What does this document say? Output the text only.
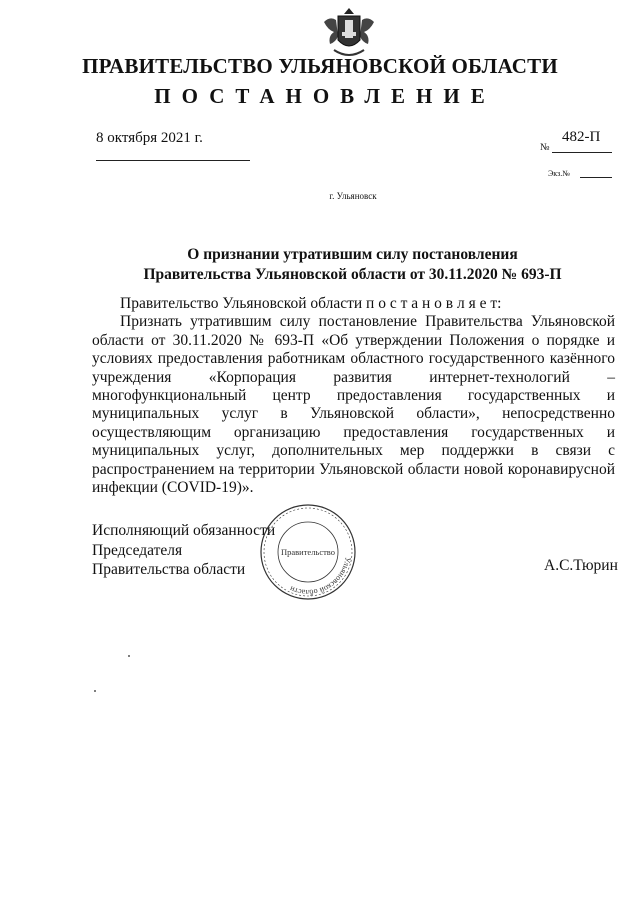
ПРАВИТЕЛЬСТВО УЛЬЯНОВСКОЙ ОБЛАСТИ
ПОСТАНОВЛЕНИЕ
8 октября 2021 г.
№
482-П
Экз.№
г. Ульяновск
О признании утратившим силу постановления
Правительства Ульяновской области от 30.11.2020 № 693-П

Правительство Ульяновской области п о с т а н о в л я е т:

Признать утратившим силу постановление Правительства Ульяновской области от 30.11.2020 № 693-П «Об утверждении Положения о порядке и условиях предоставления работникам областного государственного казённого учреждения «Корпорация развития интернет-технологий – многофункциональный центр предоставления государственных и муниципальных услуг в Ульяновской области», непосредственно осуществляющим организацию предоставления государственных и муниципальных услуг, дополнительных мер поддержки в связи с распространением на территории Ульяновской области новой коронавирусной инфекции (COVID-19)».

Исполняющий обязанности
Председателя
Правительства области
Ульяновской области
Правительство
А.С.Тюрин
